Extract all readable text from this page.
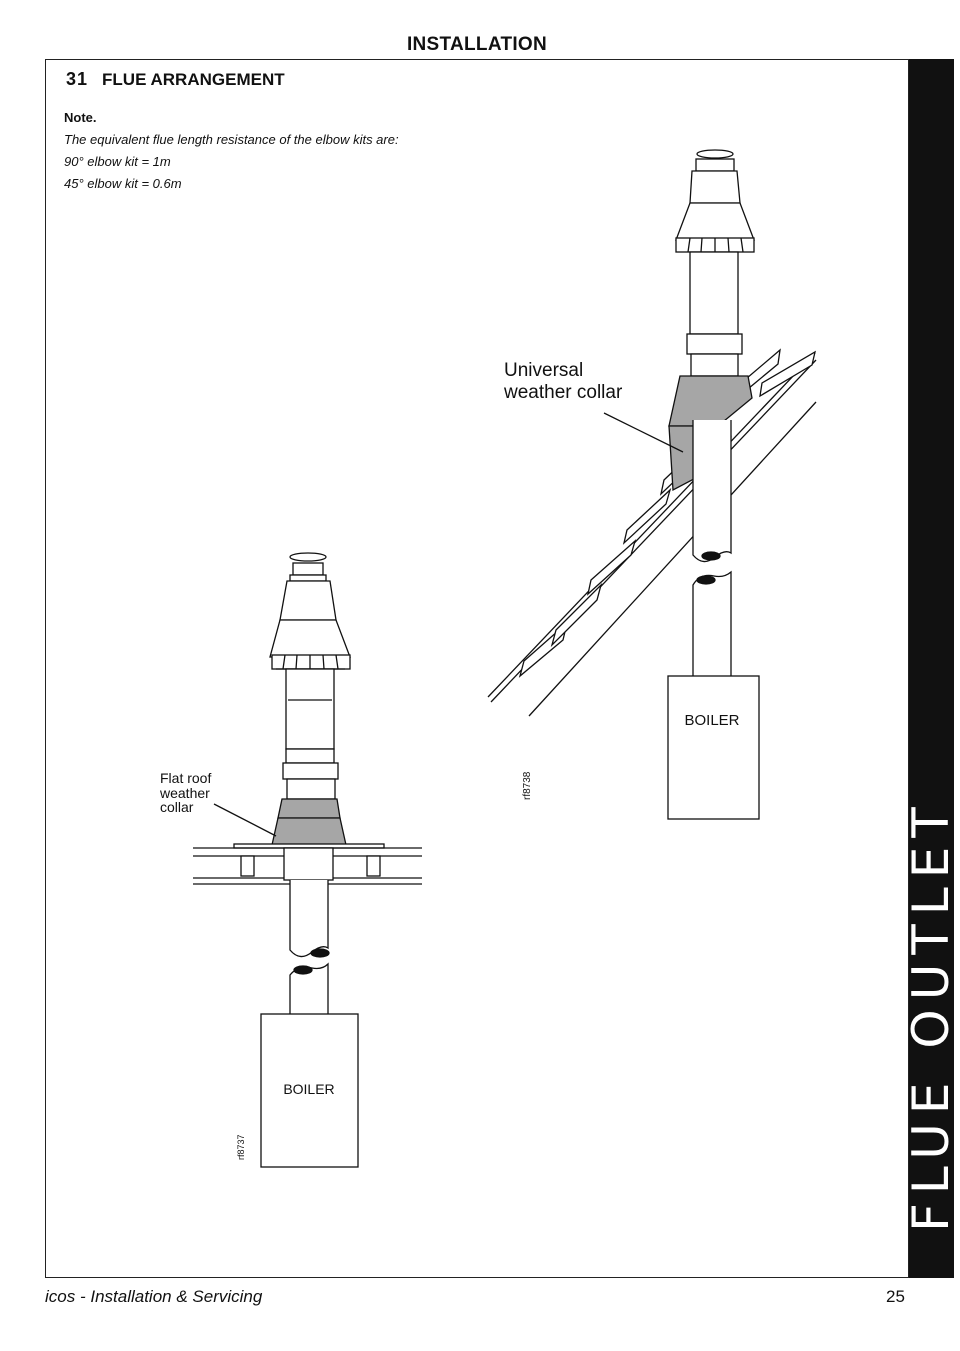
INSTALLATION
FLUE OUTLET
31 FLUE ARRANGEMENT
Note.
The equivalent flue length resistance of the elbow kits are:
90° elbow kit = 1m
45° elbow kit = 0.6m
Flat roof
weather
collar
BOILER
rf8737
Universal
weather collar
BOILER
rf8738
icos - Installation & Servicing	25
